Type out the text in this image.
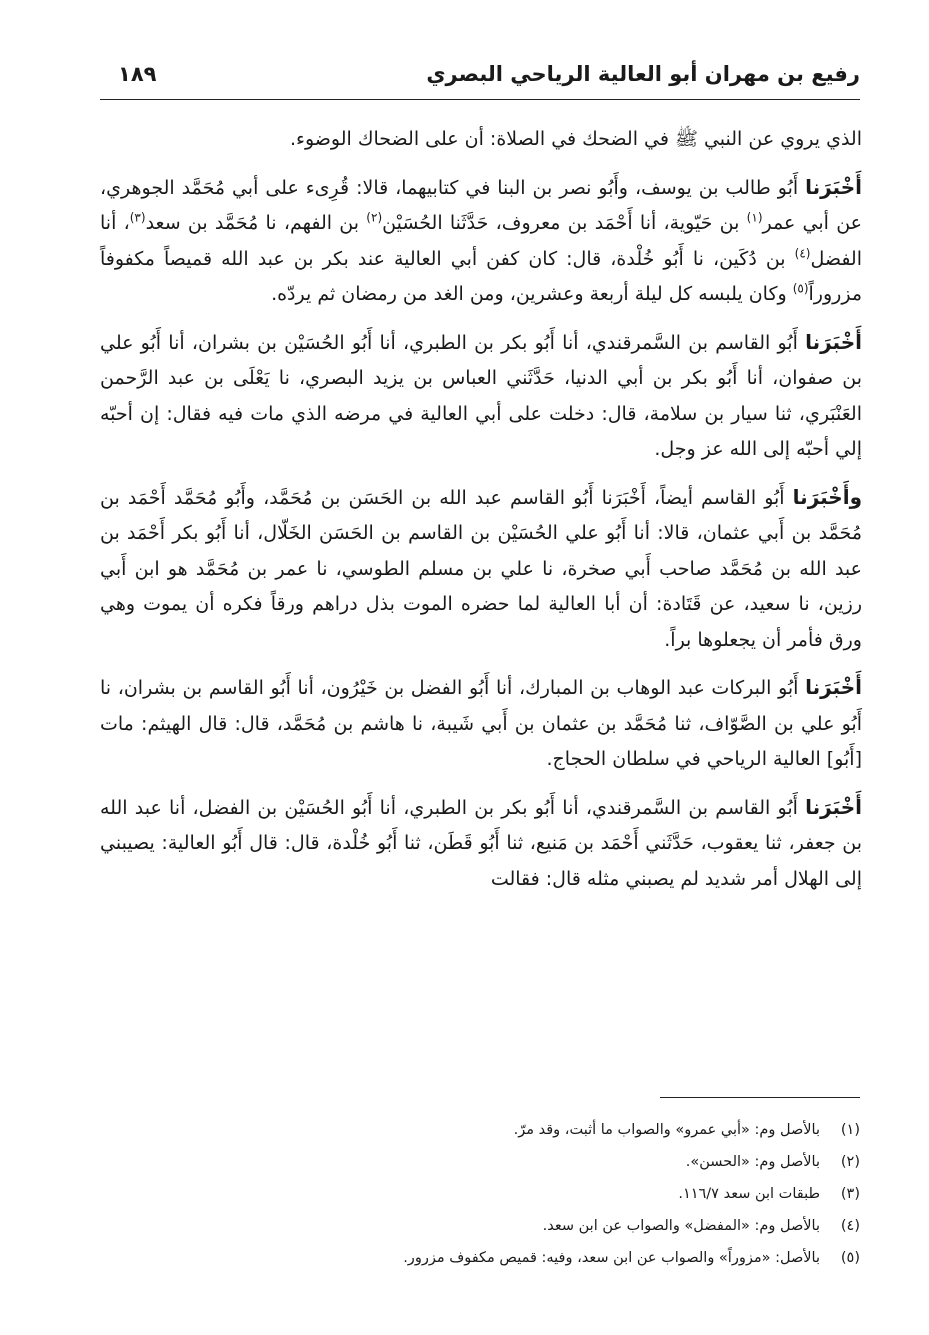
رفيع بن مهران أبو العالية الرياحي البصري
١٨٩

الذي يروي عن النبي ﷺ في الضحك في الصلاة: أن على الضحاك الوضوء.

أَخْبَرَنا أَبُو طالب بن يوسف، وأَبُو نصر بن البنا في كتابيهما، قالا: قُرِىء على أبي مُحَمَّد الجوهري، عن أبي عمر$^{(١)}$ بن حَيّوية، أنا أَحْمَد بن معروف، حَدَّثَنا الحُسَيْن$^{(٢)}$ بن الفهم، نا مُحَمَّد بن سعد$^{(٣)}$، أنا الفضل$^{(٤)}$ بن دُكَين، نا أَبُو خُلْدة، قال: كان كفن أبي العالية عند بكر بن عبد الله قميصاً مكفوفاً مزروراً$^{(٥)}$ وكان يلبسه كل ليلة أربعة وعشرين، ومن الغد من رمضان ثم يردّه.

أَخْبَرَنا أَبُو القاسم بن السَّمرقندي، أنا أَبُو بكر بن الطبري، أنا أَبُو الحُسَيْن بن بشران، أنا أَبُو علي بن صفوان، أنا أَبُو بكر بن أبي الدنيا، حَدَّثَني العباس بن يزيد البصري، نا يَعْلَى بن عبد الرَّحمن العَنْبَري، ثنا سيار بن سلامة، قال: دخلت على أبي العالية في مرضه الذي مات فيه فقال: إن أحبّه إلي أحبّه إلى الله عز وجل.

وأَخْبَرَنا أَبُو القاسم أيضاً، أَخْبَرَنا أَبُو القاسم عبد الله بن الحَسَن بن مُحَمَّد، وأَبُو مُحَمَّد أَحْمَد بن مُحَمَّد بن أَبي عثمان، قالا: أنا أَبُو علي الحُسَيْن بن القاسم بن الحَسَن الخَلّال، أنا أَبُو بكر أَحْمَد بن عبد الله بن مُحَمَّد صاحب أَبي صخرة، نا علي بن مسلم الطوسي، نا عمر بن مُحَمَّد هو ابن أَبي رزين، نا سعيد، عن قَتَادة: أن أبا العالية لما حضره الموت بذل دراهم ورقاً فكره أن يموت وهي ورق فأمر أن يجعلوها براً.

أَخْبَرَنا أَبُو البركات عبد الوهاب بن المبارك، أنا أَبُو الفضل بن خَيْرُون، أنا أَبُو القاسم بن بشران، نا أَبُو علي بن الصَّوّاف، ثنا مُحَمَّد بن عثمان بن أَبي شَيبة، نا هاشم بن مُحَمَّد، قال: قال الهيثم: مات [أَبُو] العالية الرياحي في سلطان الحجاج.

أَخْبَرَنا أَبُو القاسم بن السَّمرقندي، أنا أَبُو بكر بن الطبري، أنا أَبُو الحُسَيْن بن الفضل، أنا عبد الله بن جعفر، ثنا يعقوب، حَدَّثَني أَحْمَد بن مَنيع، ثنا أَبُو قَطَن، ثنا أَبُو خُلْدة، قال: قال أَبُو العالية: يصيبني إلى الهلال أمر شديد لم يصبني مثله قال: فقالت

(١)
بالأصل وم: «أبي عمرو» والصواب ما أثبت، وقد مرّ.
(٢)
بالأصل وم: «الحسن».
(٣)
طبقات ابن سعد ١١٦/٧.
(٤)
بالأصل وم: «المفضل» والصواب عن ابن سعد.
(٥)
بالأصل: «مزوراً» والصواب عن ابن سعد، وفيه: قميص مكفوف مزرور.
